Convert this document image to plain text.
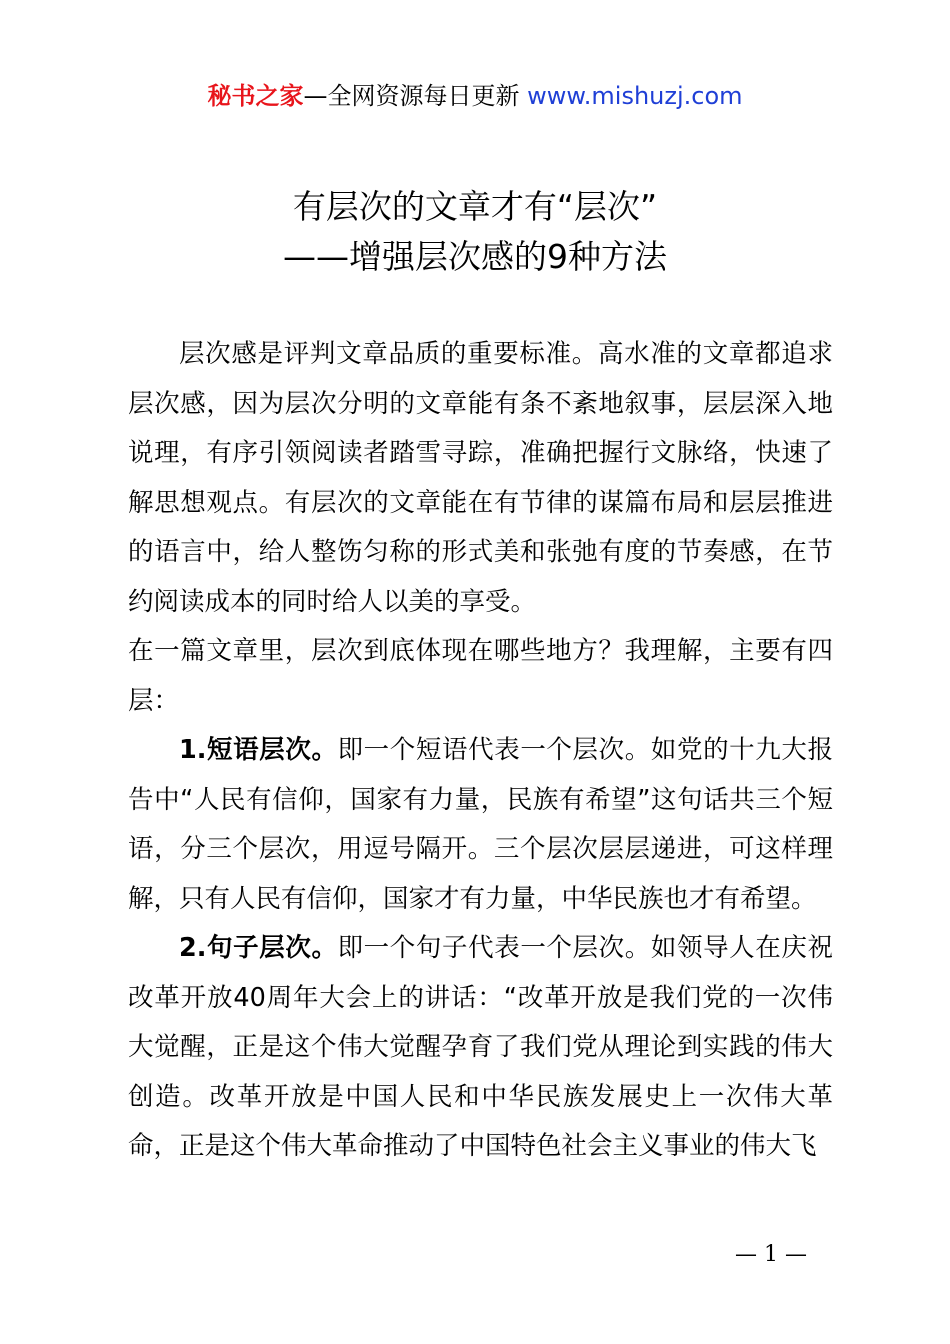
秘书之家—全网资源每日更新 www.mishuzj.com
有层次的文章才有“层次”
——增强层次感的9种方法

层次感是评判文章品质的重要标准。高水准的文章都追求层次感，因为层次分明的文章能有条不紊地叙事，层层深入地说理，有序引领阅读者踏雪寻踪，准确把握行文脉络，快速了解思想观点。有层次的文章能在有节律的谋篇布局和层层推进的语言中，给人整饬匀称的形式美和张弛有度的节奏感，在节约阅读成本的同时给人以美的享受。

在一篇文章里，层次到底体现在哪些地方？我理解，主要有四层：

1.短语层次。即一个短语代表一个层次。如党的十九大报告中“人民有信仰，国家有力量，民族有希望”这句话共三个短语，分三个层次，用逗号隔开。三个层次层层递进，可这样理解，只有人民有信仰，国家才有力量，中华民族也才有希望。

2.句子层次。即一个句子代表一个层次。如领导人在庆祝改革开放40周年大会上的讲话：“改革开放是我们党的一次伟大觉醒，正是这个伟大觉醒孕育了我们党从理论到实践的伟大创造。改革开放是中国人民和中华民族发展史上一次伟大革命，正是这个伟大革命推动了中国特色社会主义事业的伟大飞

— 1 —
